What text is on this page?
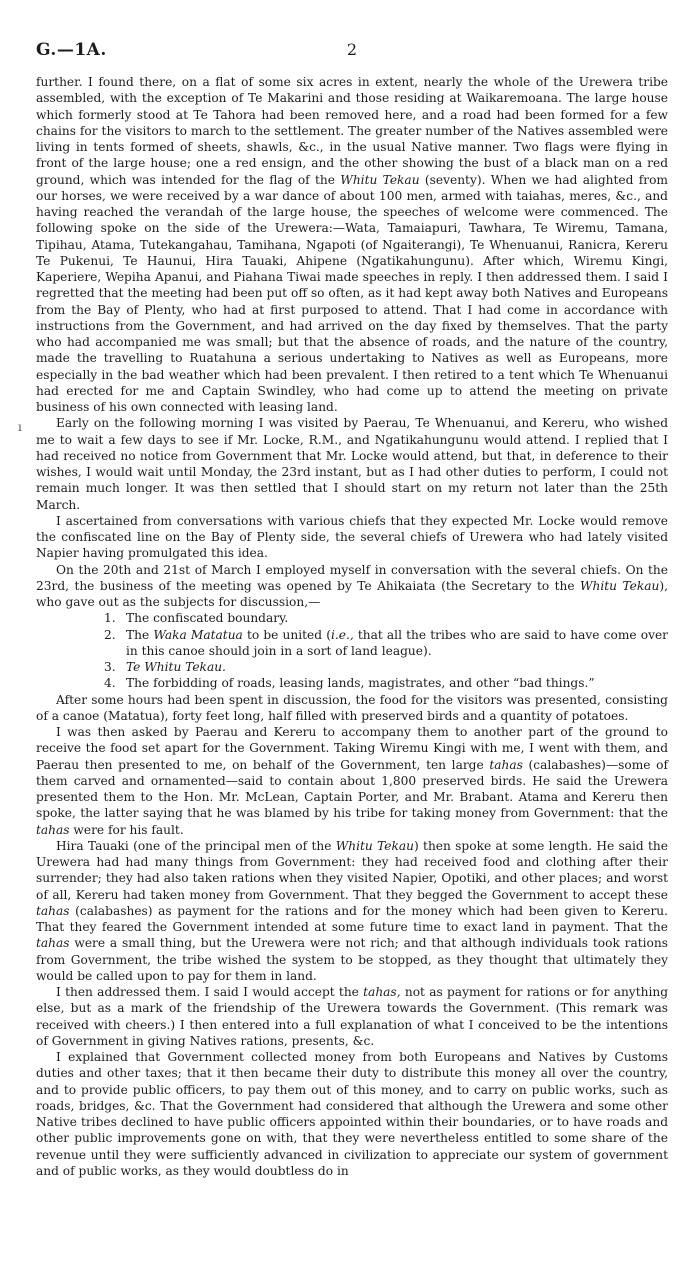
G.—1A.	2

further. I found there, on a flat of some six acres in extent, nearly the whole of the Urewera tribe assembled, with the exception of Te Makarini and those residing at Waikaremoana. The large house which formerly stood at Te Tahora had been removed here, and a road had been formed for a few chains for the visitors to march to the settlement. The greater number of the Natives assembled were living in tents formed of sheets, shawls, &c., in the usual Native manner. Two flags were flying in front of the large house; one a red ensign, and the other showing the bust of a black man on a red ground, which was intended for the flag of the Whitu Tekau (seventy). When we had alighted from our horses, we were received by a war dance of about 100 men, armed with taiahas, meres, &c., and having reached the verandah of the large house, the speeches of welcome were commenced. The following spoke on the side of the Urewera:—Wata, Tamaiapuri, Tawhara, Te Wiremu, Tamana, Tipihau, Atama, Tutekangahau, Tamihana, Ngapoti (of Ngaiterangi), Te Whenuanui, Ranicra, Kereru Te Pukenui, Te Haunui, Hira Tauaki, Ahipene (Ngatikahungunu). After which, Wiremu Kingi, Kaperiere, Wepiha Apanui, and Piahana Tiwai made speeches in reply. I then addressed them. I said I regretted that the meeting had been put off so often, as it had kept away both Natives and Europeans from the Bay of Plenty, who had at first purposed to attend. That I had come in accordance with instructions from the Government, and had arrived on the day fixed by themselves. That the party who had accompanied me was small; but that the absence of roads, and the nature of the country, made the travelling to Ruatahuna a serious undertaking to Natives as well as Europeans, more especially in the bad weather which had been prevalent. I then retired to a tent which Te Whenuanui had erected for me and Captain Swindley, who had come up to attend the meeting on private business of his own connected with leasing land.

Early on the following morning I was visited by Paerau, Te Whenuanui, and Kereru, who wished me to wait a few days to see if Mr. Locke, R.M., and Ngatikahungunu would attend. I replied that I had received no notice from Government that Mr. Locke would attend, but that, in deference to their wishes, I would wait until Monday, the 23rd instant, but as I had other duties to perform, I could not remain much longer. It was then settled that I should start on my return not later than the 25th March.

I ascertained from conversations with various chiefs that they expected Mr. Locke would remove the confiscated line on the Bay of Plenty side, the several chiefs of Urewera who had lately visited Napier having promulgated this idea.

On the 20th and 21st of March I employed myself in conversation with the several chiefs. On the 23rd, the business of the meeting was opened by Te Ahikaiata (the Secretary to the Whitu Tekau), who gave out as the subjects for discussion,—

1. The confiscated boundary.
2. The Waka Matatua to be united (i.e., that all the tribes who are said to have come over in this canoe should join in a sort of land league).
3. Te Whitu Tekau.
4. The forbidding of roads, leasing lands, magistrates, and other “bad things.”

After some hours had been spent in discussion, the food for the visitors was presented, consisting of a canoe (Matatua), forty feet long, half filled with preserved birds and a quantity of potatoes.

I was then asked by Paerau and Kereru to accompany them to another part of the ground to receive the food set apart for the Government. Taking Wiremu Kingi with me, I went with them, and Paerau then presented to me, on behalf of the Government, ten large tahas (calabashes)—some of them carved and ornamented—said to contain about 1,800 preserved birds. He said the Urewera presented them to the Hon. Mr. McLean, Captain Porter, and Mr. Brabant. Atama and Kereru then spoke, the latter saying that he was blamed by his tribe for taking money from Government: that the tahas were for his fault.

Hira Tauaki (one of the principal men of the Whitu Tekau) then spoke at some length. He said the Urewera had had many things from Government: they had received food and clothing after their surrender; they had also taken rations when they visited Napier, Opotiki, and other places; and worst of all, Kereru had taken money from Government. That they begged the Government to accept these tahas (calabashes) as payment for the rations and for the money which had been given to Kereru. That they feared the Government intended at some future time to exact land in payment. That the tahas were a small thing, but the Urewera were not rich; and that although individuals took rations from Government, the tribe wished the system to be stopped, as they thought that ultimately they would be called upon to pay for them in land.

I then addressed them. I said I would accept the tahas, not as payment for rations or for anything else, but as a mark of the friendship of the Urewera towards the Government. (This remark was received with cheers.) I then entered into a full explanation of what I conceived to be the intentions of Government in giving Natives rations, presents, &c.

I explained that Government collected money from both Europeans and Natives by Customs duties and other taxes; that it then became their duty to distribute this money all over the country, and to provide public officers, to pay them out of this money, and to carry on public works, such as roads, bridges, &c. That the Government had considered that although the Urewera and some other Native tribes declined to have public officers appointed within their boundaries, or to have roads and other public improvements gone on with, that they were nevertheless entitled to some share of the revenue until they were sufficiently advanced in civilization to appreciate our system of government and of public works, as they would doubtless do in

ı
